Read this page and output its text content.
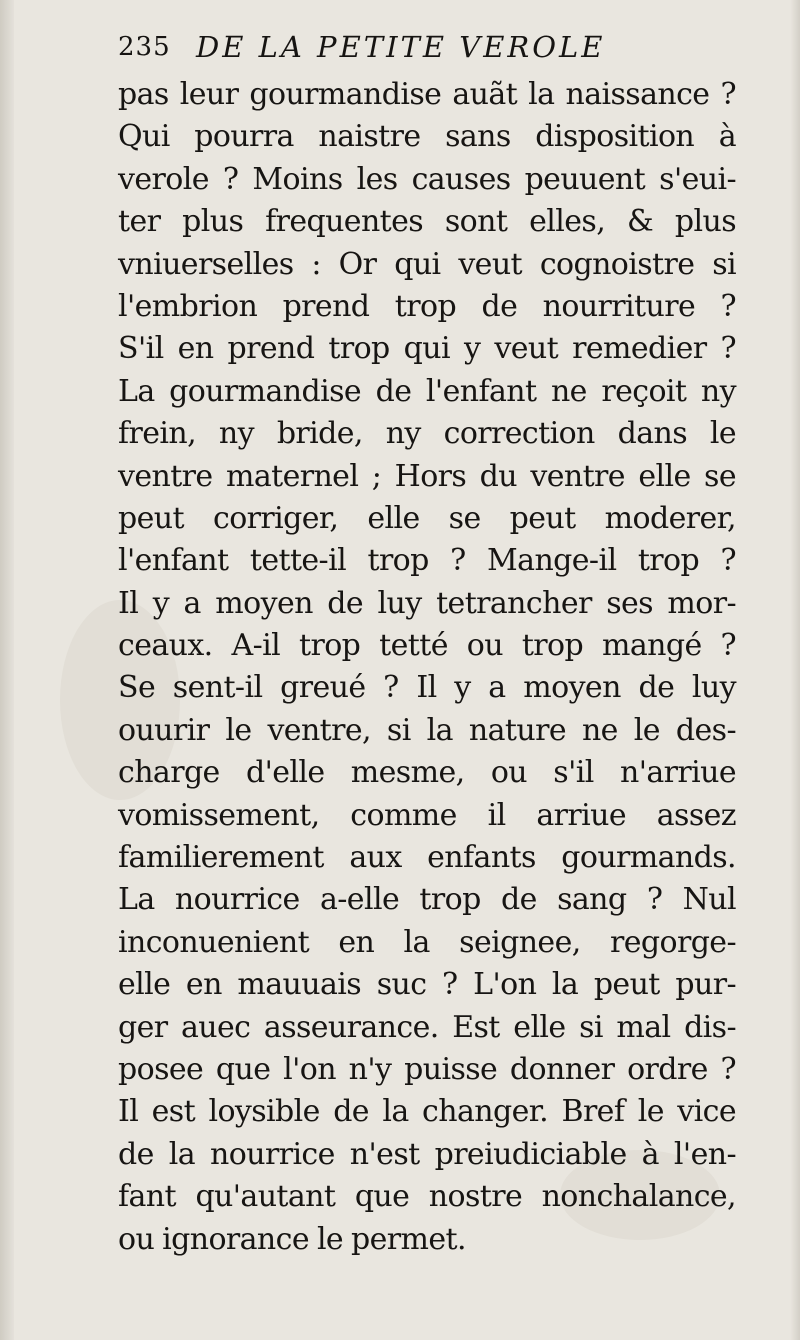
235 DE LA PETITE VEROLE
pas leur gourmandise auãt la naissance ?
Qui pourra naistre sans disposition à
verole ? Moins les causes peuuent s'eui-
ter plus frequentes sont elles, & plus
vniuerselles : Or qui veut cognoistre si
l'embrion prend trop de nourriture ?
S'il en prend trop qui y veut remedier ?
La gourmandise de l'enfant ne reçoit ny
frein, ny bride, ny correction dans le
ventre maternel ; Hors du ventre elle se
peut corriger, elle se peut moderer,
l'enfant tette-il trop ? Mange-il trop ?
Il y a moyen de luy tetrancher ses mor-
ceaux. A-il trop tetté ou trop mangé ?
Se sent-il greué ? Il y a moyen de luy
ouurir le ventre, si la nature ne le des-
charge d'elle mesme, ou s'il n'arriue
vomissement, comme il arriue assez
familierement aux enfants gourmands.
La nourrice a-elle trop de sang ? Nul
inconuenient en la seignee, regorge-
elle en mauuais suc ? L'on la peut pur-
ger auec asseurance. Est elle si mal dis-
posee que l'on n'y puisse donner ordre ?
Il est loysible de la changer. Bref le vice
de la nourrice n'est preiudiciable à l'en-
fant qu'autant que nostre nonchalance,
ou ignorance le permet.
